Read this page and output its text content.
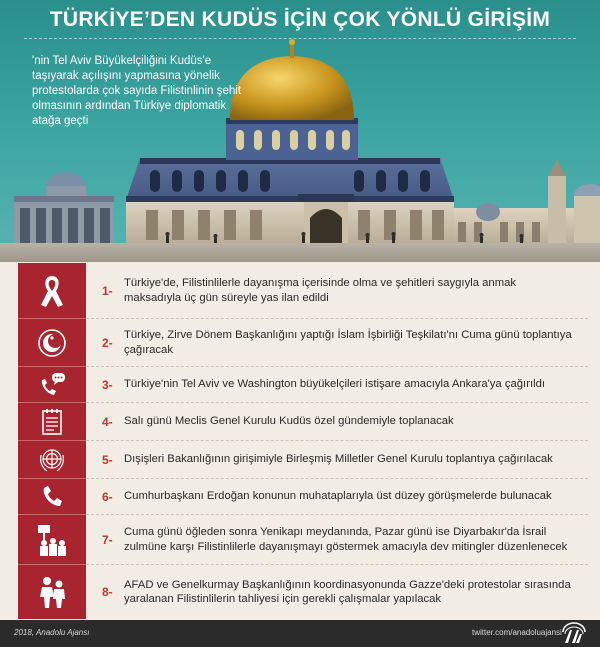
TÜRKİYE’DEN KUDÜS İÇİN ÇOK YÖNLÜ GİRİŞİM

'nin Tel Aviv Büyükelçiliğini Kudüs'e taşıyarak açılışını yapmasına yönelik protestolarda çok sayıda Filistinlinin şehit olmasının ardından Türkiye diplomatik atağa geçti

1-
Türkiye'de, Filistinlilerle dayanışma içerisinde olma ve şehitleri saygıyla anmak maksadıyla üç gün süreyle yas ilan edildi
2-
Türkiye, Zirve Dönem Başkanlığını yaptığı İslam İşbirliği Teşkilatı'nı Cuma günü toplantıya çağıracak
3-	Türkiye'nin Tel Aviv ve Washington büyükelçileri istişare amacıyla Ankara'ya çağırıldı
4-	Salı günü Meclis Genel Kurulu Kudüs özel gündemiyle toplanacak
5-	Dışişleri Bakanlığının girişimiyle Birleşmiş Milletler Genel Kurulu toplantıya çağırılacak
6-	Cumhurbaşkanı Erdoğan konunun muhataplarıyla üst düzey görüşmelerde bulunacak
7-
Cuma günü öğleden sonra Yenikapı meydanında, Pazar günü ise Diyarbakır'da İsrail zulmüne karşı Filistinlilerle dayanışmayı göstermek amacıyla dev mitingler düzenlenecek
8-
AFAD ve Genelkurmay Başkanlığının koordinasyonunda Gazze'deki protestolar sırasında yaralanan Filistinlilerin tahliyesi için gerekli çalışmalar yapılacak
2018, Anadolu Ajansı	twitter.com/anadoluajansi
